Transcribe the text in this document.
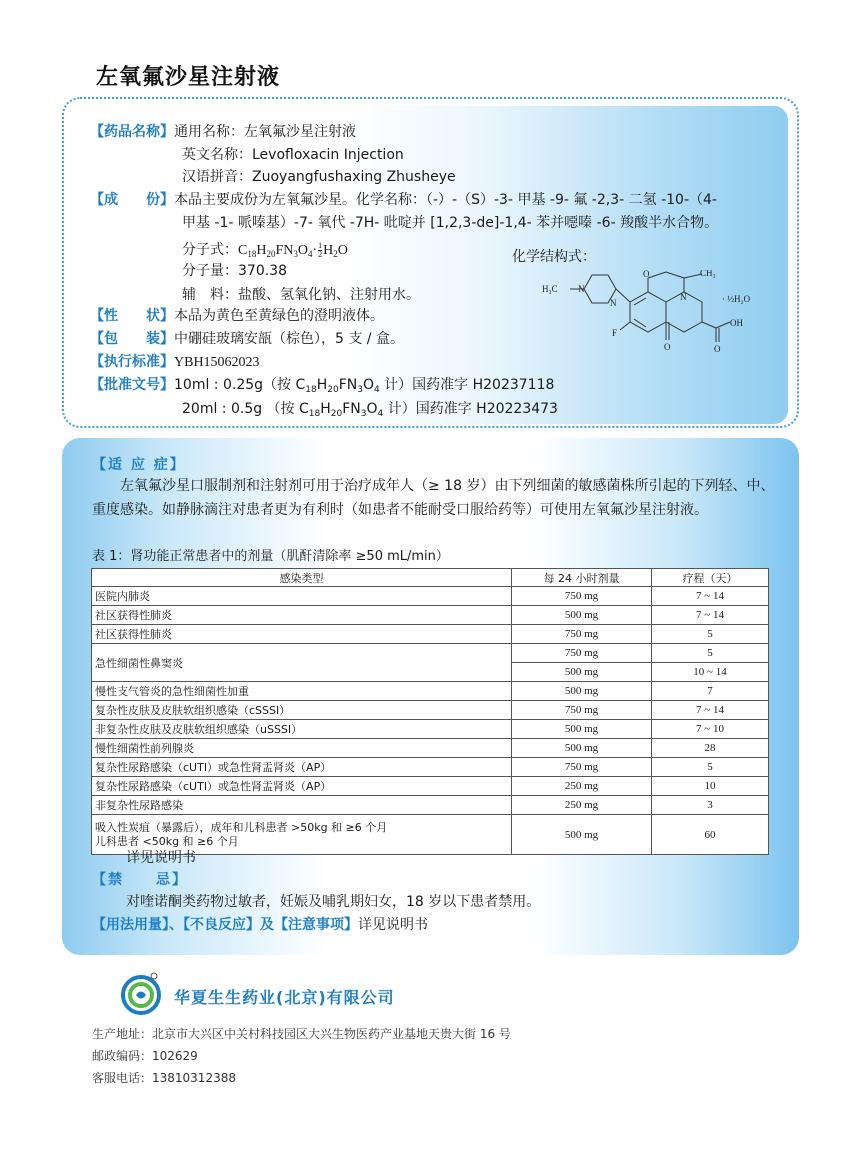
左氧氟沙星注射液
【药品名称】通用名称：左氧氟沙星注射液
英文名称：Levofloxacin Injection
汉语拼音：Zuoyangfushaxing Zhusheye
【成　　份】本品主要成份为左氧氟沙星。化学名称：（-）-（S）-3- 甲基 -9- 氟 -2,3- 二氢 -10-（4-
甲基 -1- 哌嗪基）-7- 氧代 -7H- 吡啶并 [1,2,3-de]-1,4- 苯并噁嗪 -6- 羧酸半水合物。
分子式：$C_{18}H_{20}FN_3O_4\cdot \frac{1}{2} H_2O$
分子量：370.38
辅　料：盐酸、氢氧化钠、注射用水。
化学结构式：
H₃C N
N
O	CH₃
N
F
O	O
OH
· ½H₂O
【性　　状】本品为黄色至黄绿色的澄明液体。
【包　　装】中硼硅玻璃安瓿（棕色），5 支 / 盒。
【执行标准】YBH15062023
【批准文号】10ml : 0.25g（按 $C_{18}H_{20}FN_3O_4$ 计）国药准字 H20237118
20ml : 0.5g （按 $C_{18}H_{20}FN_3O_4$ 计）国药准字 H20223473
【适 应 症】
　　左氧氟沙星口服制剂和注射剂可用于治疗成年人（≥ 18 岁）由下列细菌的敏感菌株所引起的下列轻、中、重度感染。如静脉滴注对患者更为有利时（如患者不能耐受口服给药等）可使用左氧氟沙星注射液。
表 1：肾功能正常患者中的剂量（肌酐清除率 ≥50 mL/min）
感染类型	每 24 小时剂量	疗程（天）
医院内肺炎	750 mg	7 ~ 14
社区获得性肺炎	500 mg	7 ~ 14
社区获得性肺炎	750 mg	5
急性细菌性鼻窦炎	750 mg	5
	500 mg	10 ~ 14
慢性支气管炎的急性细菌性加重	500 mg	7
复杂性皮肤及皮肤软组织感染（cSSSI）	750 mg	7 ~ 14
非复杂性皮肤及皮肤软组织感染（uSSSI）	500 mg	7 ~ 10
慢性细菌性前列腺炎	500 mg	28
复杂性尿路感染（cUTI）或急性肾盂肾炎（AP）	750 mg	5
复杂性尿路感染（cUTI）或急性肾盂肾炎（AP）	250 mg	10
非复杂性尿路感染	250 mg	3

吸入性炭疽（暴露后），成年和儿科患者 >50kg 和 ≥6 个月
儿科患者 <50kg 和 ≥6 个月	500 mg	60
详见说明书
【禁　　忌】
对喹诺酮类药物过敏者，妊娠及哺乳期妇女，18 岁以下患者禁用。
【用法用量】、【不良反应】及【注意事项】详见说明书
华夏生生药业(北京)有限公司
生产地址：北京市大兴区中关村科技园区大兴生物医药产业基地天贵大街 16 号
邮政编码：102629
客服电话：13810312388
